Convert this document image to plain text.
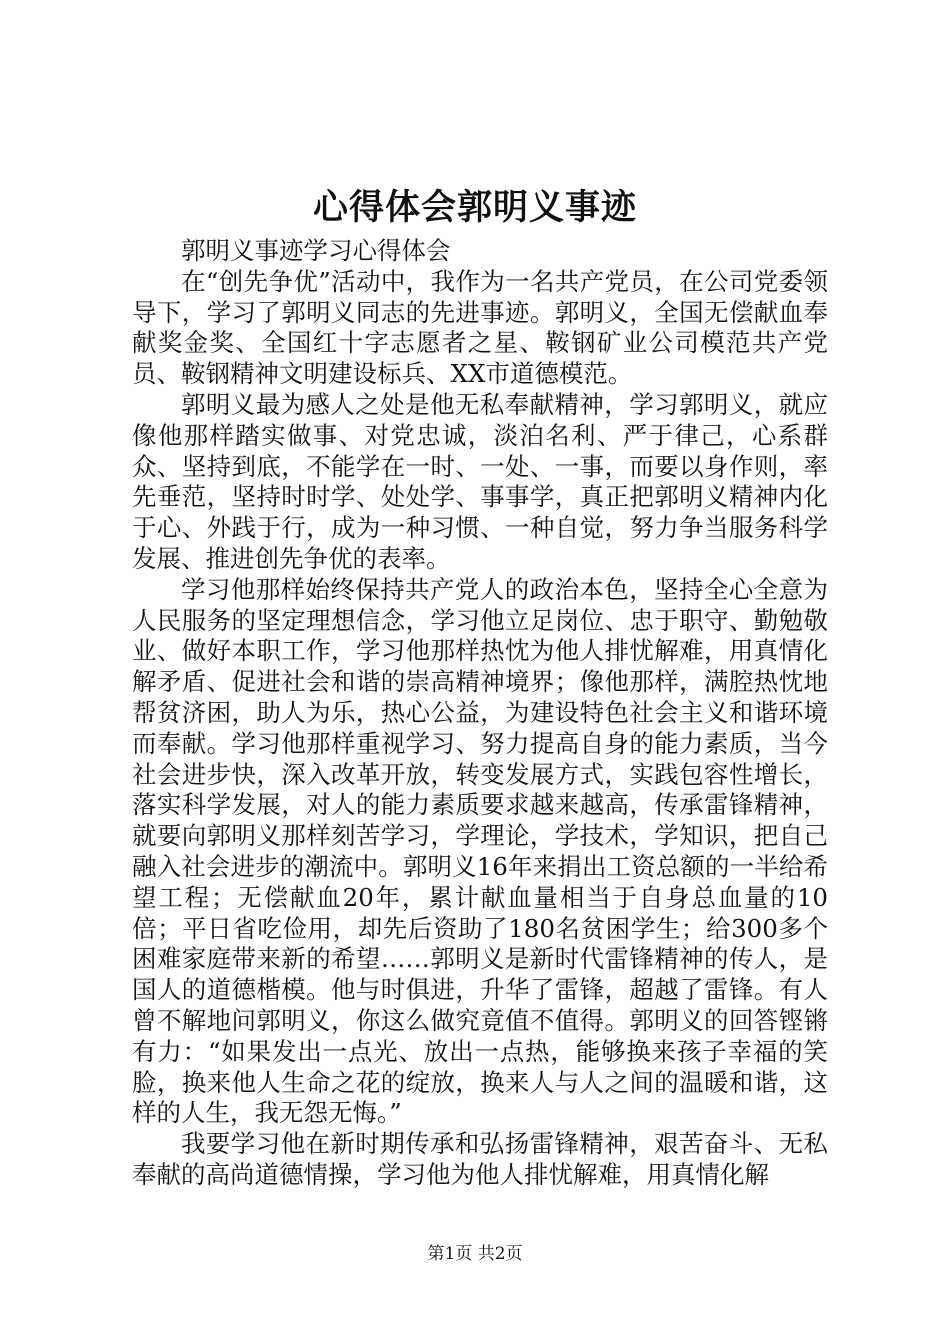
心得体会郭明义事迹

郭明义事迹学习心得体会

在“创先争优”活动中，我作为一名共产党员，在公司党委领导下，学习了郭明义同志的先进事迹。郭明义，全国无偿献血奉献奖金奖、全国红十字志愿者之星、鞍钢矿业公司模范共产党员、鞍钢精神文明建设标兵、XX市道德模范。

郭明义最为感人之处是他无私奉献精神，学习郭明义，就应像他那样踏实做事、对党忠诚，淡泊名利、严于律己，心系群众、坚持到底，不能学在一时、一处、一事，而要以身作则，率先垂范，坚持时时学、处处学、事事学，真正把郭明义精神内化于心、外践于行，成为一种习惯、一种自觉，努力争当服务科学发展、推进创先争优的表率。

学习他那样始终保持共产党人的政治本色，坚持全心全意为人民服务的坚定理想信念，学习他立足岗位、忠于职守、勤勉敬业、做好本职工作，学习他那样热忱为他人排忧解难，用真情化解矛盾、促进社会和谐的崇高精神境界；像他那样，满腔热忱地帮贫济困，助人为乐，热心公益，为建设特色社会主义和谐环境而奉献。学习他那样重视学习、努力提高自身的能力素质，当今社会进步快，深入改革开放，转变发展方式，实践包容性增长，落实科学发展，对人的能力素质要求越来越高，传承雷锋精神，就要向郭明义那样刻苦学习，学理论，学技术，学知识，把自己融入社会进步的潮流中。郭明义16年来捐出工资总额的一半给希望工程；无偿献血20年，累计献血量相当于自身总血量的10倍；平日省吃俭用，却先后资助了180名贫困学生；给300多个困难家庭带来新的希望……郭明义是新时代雷锋精神的传人，是国人的道德楷模。他与时俱进，升华了雷锋，超越了雷锋。有人曾不解地问郭明义，你这么做究竟值不值得。郭明义的回答铿锵有力：“如果发出一点光、放出一点热，能够换来孩子幸福的笑脸，换来他人生命之花的绽放，换来人与人之间的温暖和谐，这样的人生，我无怨无悔。”

我要学习他在新时期传承和弘扬雷锋精神，艰苦奋斗、无私奉献的高尚道德情操，学习他为他人排忧解难，用真情化解

第1页 共2页
